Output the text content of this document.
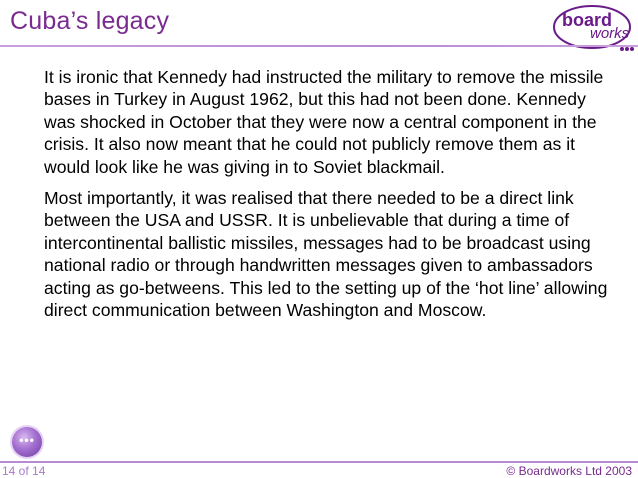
Cuba’s legacy	board
works

It is ironic that Kennedy had instructed the military to remove the missile bases in Turkey in August 1962, but this had not been done. Kennedy was shocked in October that they were now a central component in the crisis. It also now meant that he could not publicly remove them as it would look like he was giving in to Soviet blackmail.

Most importantly, it was realised that there needed to be a direct link between the USA and USSR. It is unbelievable that during a time of intercontinental ballistic missiles, messages had to be broadcast using national radio or through handwritten messages given to ambassadors acting as go-betweens. This led to the setting up of the ‘hot line’ allowing direct communication between Washington and Moscow.

•••
14 of 14	© Boardworks Ltd 2003
